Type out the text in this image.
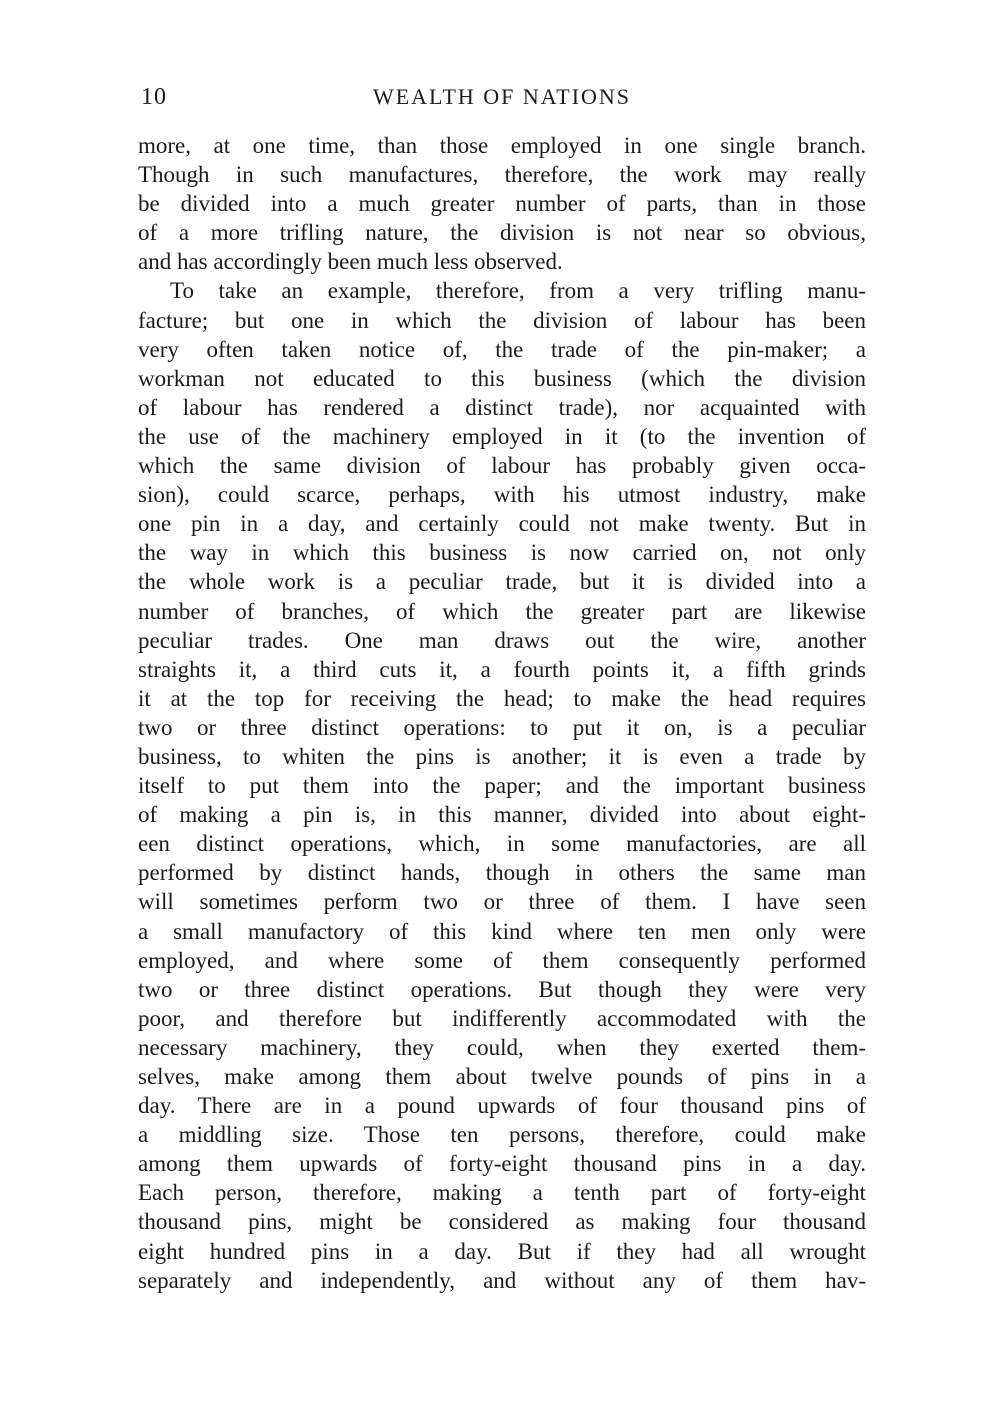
10	WEALTH OF NATIONS
more, at one time, than those employed in one single branch.
Though in such manufactures, therefore, the work may really
be divided into a much greater number of parts, than in those
of a more trifling nature, the division is not near so obvious,
and has accordingly been much less observed.
To take an example, therefore, from a very trifling manu-
facture; but one in which the division of labour has been
very often taken notice of, the trade of the pin-maker; a
workman not educated to this business (which the division
of labour has rendered a distinct trade), nor acquainted with
the use of the machinery employed in it (to the invention of
which the same division of labour has probably given occa-
sion), could scarce, perhaps, with his utmost industry, make
one pin in a day, and certainly could not make twenty. But in
the way in which this business is now carried on, not only
the whole work is a peculiar trade, but it is divided into a
number of branches, of which the greater part are likewise
peculiar trades. One man draws out the wire, another
straights it, a third cuts it, a fourth points it, a fifth grinds
it at the top for receiving the head; to make the head requires
two or three distinct operations: to put it on, is a peculiar
business, to whiten the pins is another; it is even a trade by
itself to put them into the paper; and the important business
of making a pin is, in this manner, divided into about eight-
een distinct operations, which, in some manufactories, are all
performed by distinct hands, though in others the same man
will sometimes perform two or three of them. I have seen
a small manufactory of this kind where ten men only were
employed, and where some of them consequently performed
two or three distinct operations. But though they were very
poor, and therefore but indifferently accommodated with the
necessary machinery, they could, when they exerted them-
selves, make among them about twelve pounds of pins in a
day. There are in a pound upwards of four thousand pins of
a middling size. Those ten persons, therefore, could make
among them upwards of forty-eight thousand pins in a day.
Each person, therefore, making a tenth part of forty-eight
thousand pins, might be considered as making four thousand
eight hundred pins in a day. But if they had all wrought
separately and independently, and without any of them hav-
